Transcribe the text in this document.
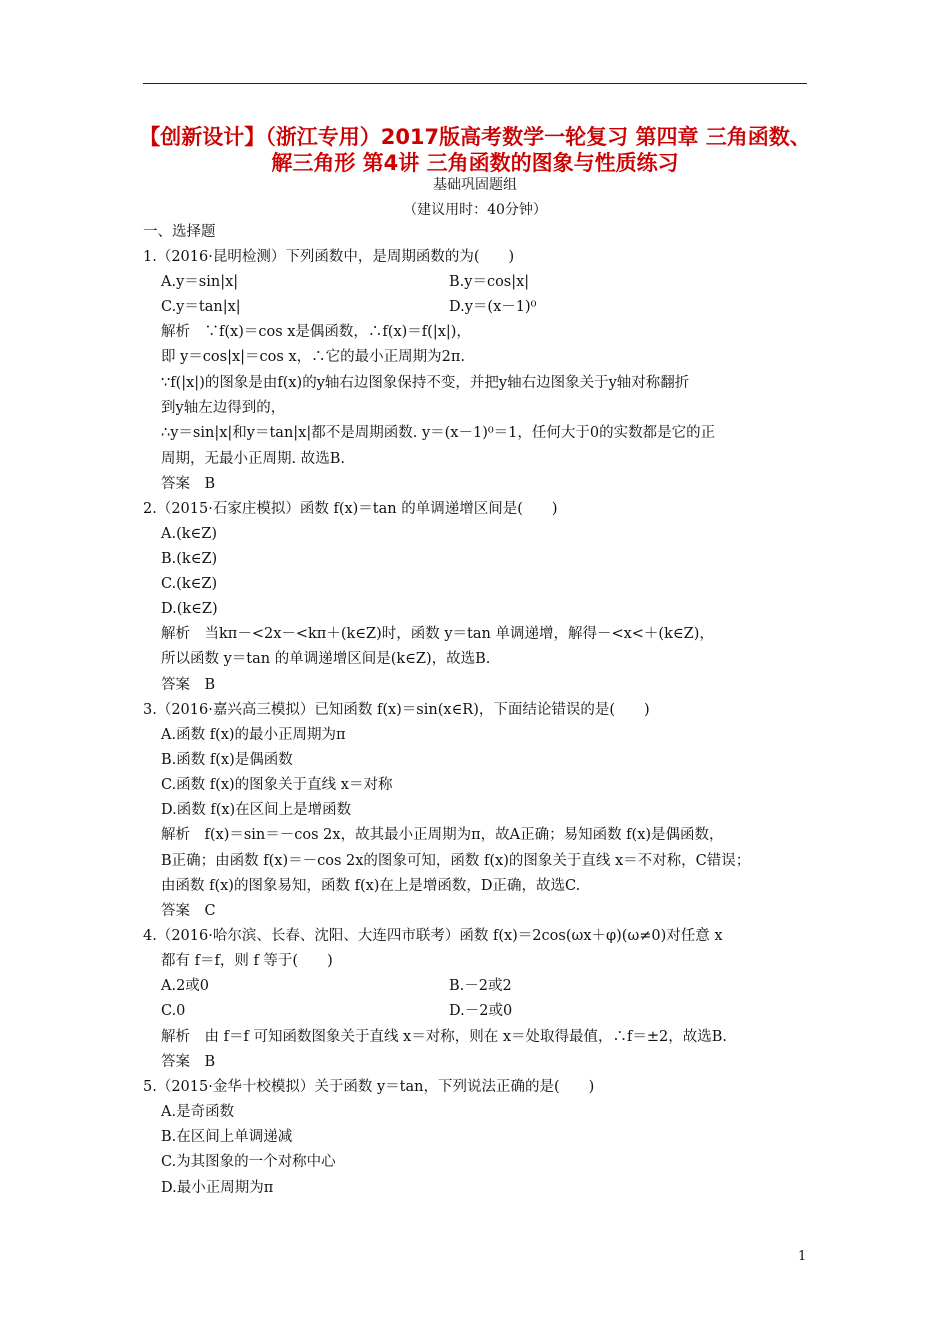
【创新设计】（浙江专用）2017版高考数学一轮复习 第四章 三角函数、
解三角形 第4讲 三角函数的图象与性质练习
基础巩固题组
（建议用时：40分钟）
一、选择题
1.（2016·昆明检测）下列函数中，是周期函数的为(　　)
A.y＝sin|x|	B.y＝cos|x|
C.y＝tan|x|	D.y＝(x－1)⁰
解析　∵f(x)＝cos x是偶函数，∴f(x)＝f(|x|)，
即 y＝cos|x|＝cos x，∴它的最小正周期为2π.
∵f(|x|)的图象是由f(x)的y轴右边图象保持不变，并把y轴右边图象关于y轴对称翻折
到y轴左边得到的，
∴y＝sin|x|和y＝tan|x|都不是周期函数. y＝(x－1)⁰＝1，任何大于0的实数都是它的正
周期，无最小正周期. 故选B.
答案　B
2.（2015·石家庄模拟）函数 f(x)＝tan 的单调递增区间是(　　)
A.(k∈Z)
B.(k∈Z)
C.(k∈Z)
D.(k∈Z)
解析　当kπ－<2x－<kπ＋(k∈Z)时，函数 y＝tan 单调递增，解得－<x<＋(k∈Z)，
所以函数 y＝tan 的单调递增区间是(k∈Z)，故选B.
答案　B
3.（2016·嘉兴高三模拟）已知函数 f(x)＝sin(x∈R)，下面结论错误的是(　　)
A.函数 f(x)的最小正周期为π
B.函数 f(x)是偶函数
C.函数 f(x)的图象关于直线 x＝对称
D.函数 f(x)在区间上是增函数
解析　f(x)＝sin＝－cos 2x，故其最小正周期为π，故A正确；易知函数 f(x)是偶函数，
B正确；由函数 f(x)＝－cos 2x的图象可知，函数 f(x)的图象关于直线 x＝不对称，C错误；
由函数 f(x)的图象易知，函数 f(x)在上是增函数，D正确，故选C.
答案　C
4.（2016·哈尔滨、长春、沈阳、大连四市联考）函数 f(x)＝2cos(ωx＋φ)(ω≠0)对任意 x
都有 f＝f，则 f 等于(　　)
A.2或0	B.－2或2
C.0	D.－2或0
解析　由 f＝f 可知函数图象关于直线 x＝对称，则在 x＝处取得最值，∴f＝±2，故选B.
答案　B
5.（2015·金华十校模拟）关于函数 y＝tan，下列说法正确的是(　　)
A.是奇函数
B.在区间上单调递减
C.为其图象的一个对称中心
D.最小正周期为π
1
